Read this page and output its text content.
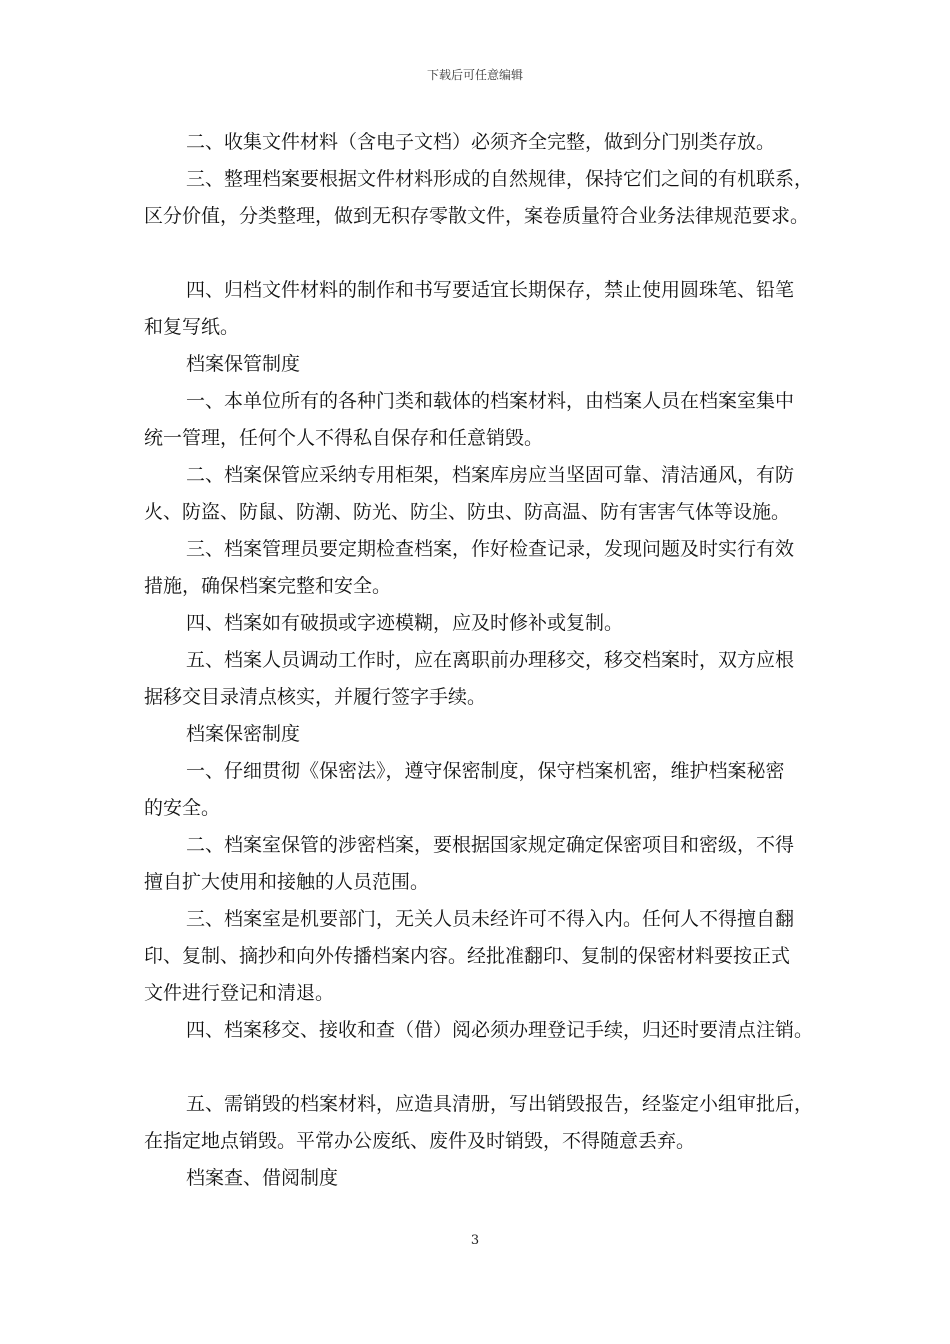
下载后可任意编辑
二、收集文件材料（含电子文档）必须齐全完整，做到分门别类存放。
三、整理档案要根据文件材料形成的自然规律，保持它们之间的有机联系，
区分价值，分类整理，做到无积存零散文件，案卷质量符合业务法律规范要求。
四、归档文件材料的制作和书写要适宜长期保存，禁止使用圆珠笔、铅笔
和复写纸。
档案保管制度
一、本单位所有的各种门类和载体的档案材料，由档案人员在档案室集中
统一管理，任何个人不得私自保存和任意销毁。
二、档案保管应采纳专用柜架，档案库房应当坚固可靠、清洁通风，有防
火、防盗、防鼠、防潮、防光、防尘、防虫、防高温、防有害害气体等设施。
三、档案管理员要定期检查档案，作好检查记录，发现问题及时实行有效
措施，确保档案完整和安全。
四、档案如有破损或字迹模糊，应及时修补或复制。
五、档案人员调动工作时，应在离职前办理移交，移交档案时，双方应根
据移交目录清点核实，并履行签字手续。
档案保密制度
一、仔细贯彻《保密法》，遵守保密制度，保守档案机密，维护档案秘密
的安全。
二、档案室保管的涉密档案，要根据国家规定确定保密项目和密级，不得
擅自扩大使用和接触的人员范围。
三、档案室是机要部门，无关人员未经许可不得入内。任何人不得擅自翻
印、复制、摘抄和向外传播档案内容。经批准翻印、复制的保密材料要按正式
文件进行登记和清退。
四、档案移交、接收和查（借）阅必须办理登记手续，归还时要清点注销。
五、需销毁的档案材料，应造具清册，写出销毁报告，经鉴定小组审批后，
在指定地点销毁。平常办公废纸、废件及时销毁，不得随意丢弃。
档案查、借阅制度
3
